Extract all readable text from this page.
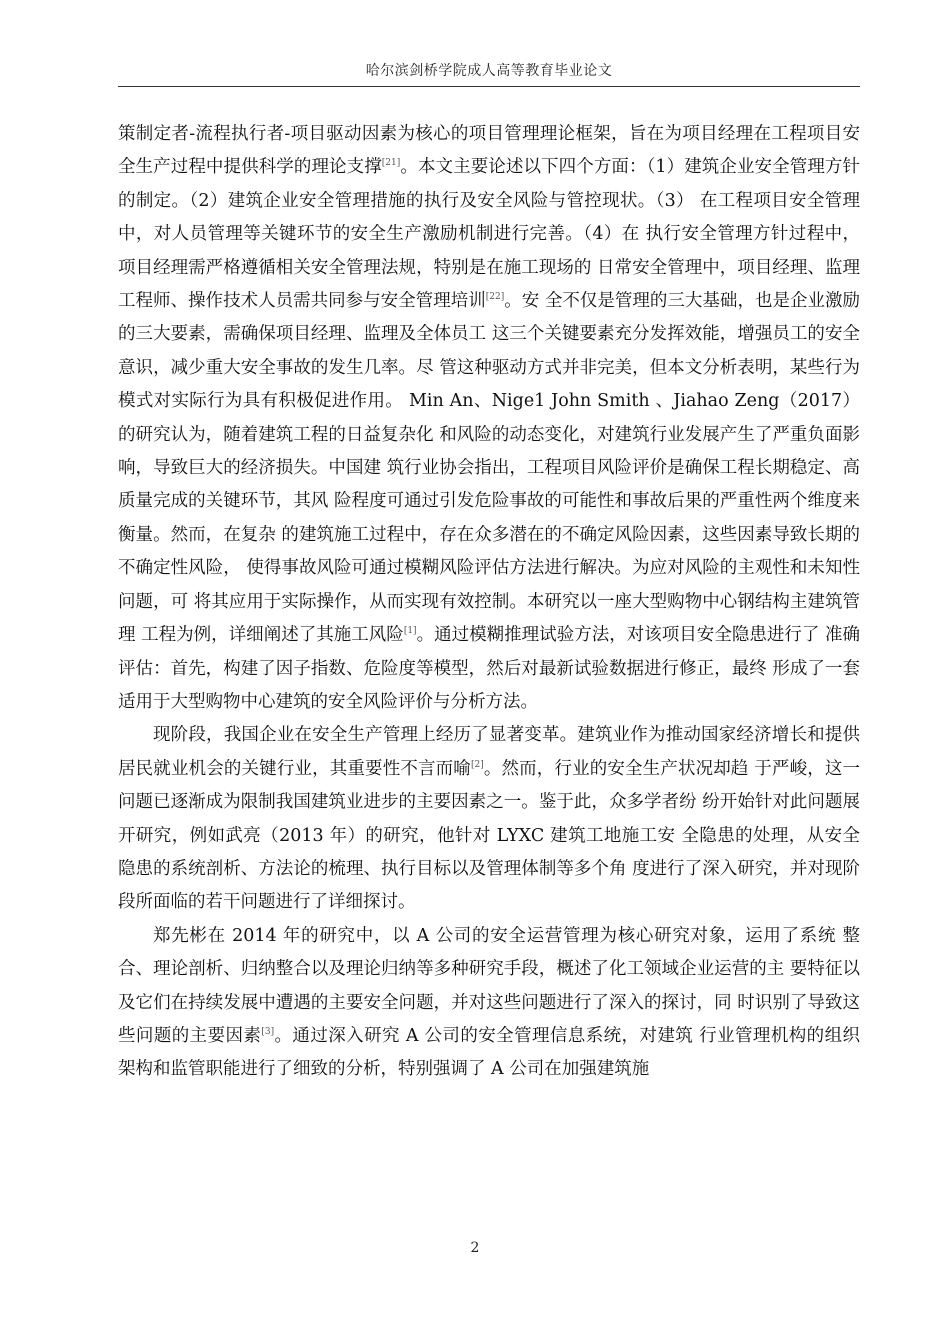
哈尔滨剑桥学院成人高等教育毕业论文

策制定者-流程执行者-项目驱动因素为核心的项目管理理论框架，旨在为项目经理在工程项目安全生产过程中提供科学的理论支撑[21]。本文主要论述以下四个方面：（1）建筑企业安全管理方针的制定。（2）建筑企业安全管理措施的执行及安全风险与管控现状。（3） 在工程项目安全管理中，对人员管理等关键环节的安全生产激励机制进行完善。（4）在 执行安全管理方针过程中，项目经理需严格遵循相关安全管理法规，特别是在施工现场的 日常安全管理中，项目经理、监理工程师、操作技术人员需共同参与安全管理培训[22]。安 全不仅是管理的三大基础，也是企业激励的三大要素，需确保项目经理、监理及全体员工 这三个关键要素充分发挥效能，增强员工的安全意识，减少重大安全事故的发生几率。尽 管这种驱动方式并非完美，但本文分析表明，某些行为模式对实际行为具有积极促进作用。 Min An、Nige1 John Smith 、Jiahao Zeng（2017）的研究认为，随着建筑工程的日益复杂化 和风险的动态变化，对建筑行业发展产生了严重负面影响，导致巨大的经济损失。中国建 筑行业协会指出，工程项目风险评价是确保工程长期稳定、高质量完成的关键环节，其风 险程度可通过引发危险事故的可能性和事故后果的严重性两个维度来衡量。然而，在复杂 的建筑施工过程中，存在众多潜在的不确定风险因素，这些因素导致长期的不确定性风险， 使得事故风险可通过模糊风险评估方法进行解决。为应对风险的主观性和未知性问题，可 将其应用于实际操作，从而实现有效控制。本研究以一座大型购物中心钢结构主建筑管理 工程为例，详细阐述了其施工风险[1]。通过模糊推理试验方法，对该项目安全隐患进行了 准确评估：首先，构建了因子指数、危险度等模型，然后对最新试验数据进行修正，最终 形成了一套适用于大型购物中心建筑的安全风险评价与分析方法。

现阶段，我国企业在安全生产管理上经历了显著变革。建筑业作为推动国家经济增长和提供居民就业机会的关键行业，其重要性不言而喻[2]。然而，行业的安全生产状况却趋 于严峻，这一问题已逐渐成为限制我国建筑业进步的主要因素之一。鉴于此，众多学者纷 纷开始针对此问题展开研究，例如武亮（2013 年）的研究，他针对 LYXC 建筑工地施工安 全隐患的处理，从安全隐患的系统剖析、方法论的梳理、执行目标以及管理体制等多个角 度进行了深入研究，并对现阶段所面临的若干问题进行了详细探讨。

郑先彬在 2014 年的研究中，以 A 公司的安全运营管理为核心研究对象，运用了系统 整合、理论剖析、归纳整合以及理论归纳等多种研究手段，概述了化工领域企业运营的主 要特征以及它们在持续发展中遭遇的主要安全问题，并对这些问题进行了深入的探讨，同 时识别了导致这些问题的主要因素[3]。通过深入研究 A 公司的安全管理信息系统，对建筑 行业管理机构的组织架构和监管职能进行了细致的分析，特别强调了 A 公司在加强建筑施

2
